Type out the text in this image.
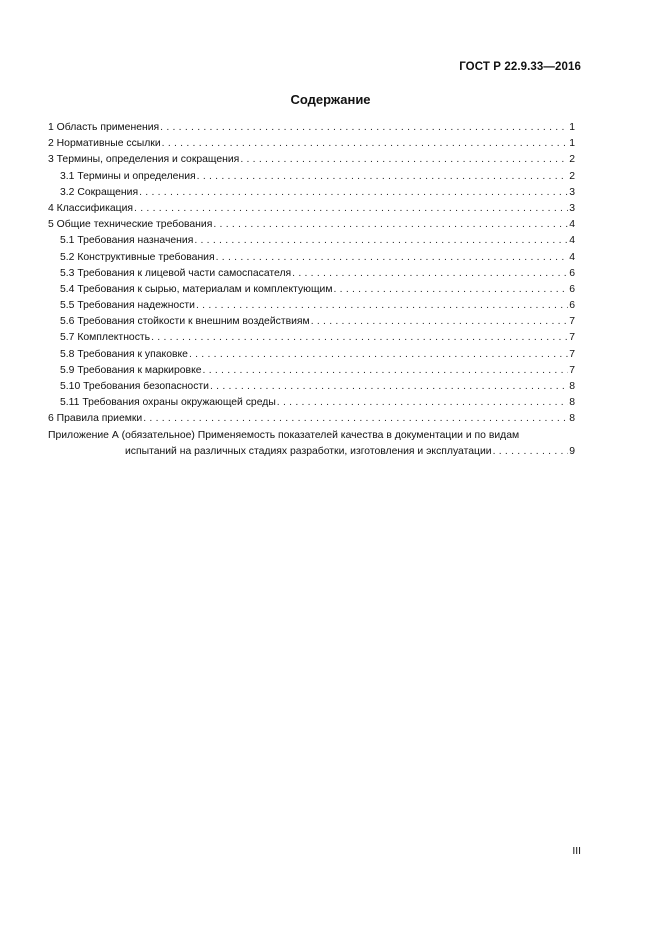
ГОСТ Р 22.9.33—2016
Содержание
1 Область применения . . .	1
2 Нормативные ссылки . . .	1
3 Термины, определения и сокращения . . .	2
3.1 Термины и определения . . .	2
3.2 Сокращения . . .	3
4 Классификация . . .	3
5 Общие технические требования . . .	4
5.1 Требования назначения . . .	4
5.2 Конструктивные требования . . .	4
5.3 Требования к лицевой части самоспасателя . . .	6
5.4 Требования к сырью, материалам и комплектующим . . .	6
5.5 Требования надежности . . .	6
5.6 Требования стойкости к внешним воздействиям . . .	7
5.7 Комплектность . . .	7
5.8 Требования к упаковке . . .	7
5.9 Требования к маркировке . . .	7
5.10 Требования безопасности . . .	8
5.11 Требования охраны окружающей среды . . .	8
6 Правила приемки . . .	8
Приложение А (обязательное) Применяемость показателей качества в документации и по видам
испытаний на различных стадиях разработки, изготовления и эксплуатации . . .	9
III
